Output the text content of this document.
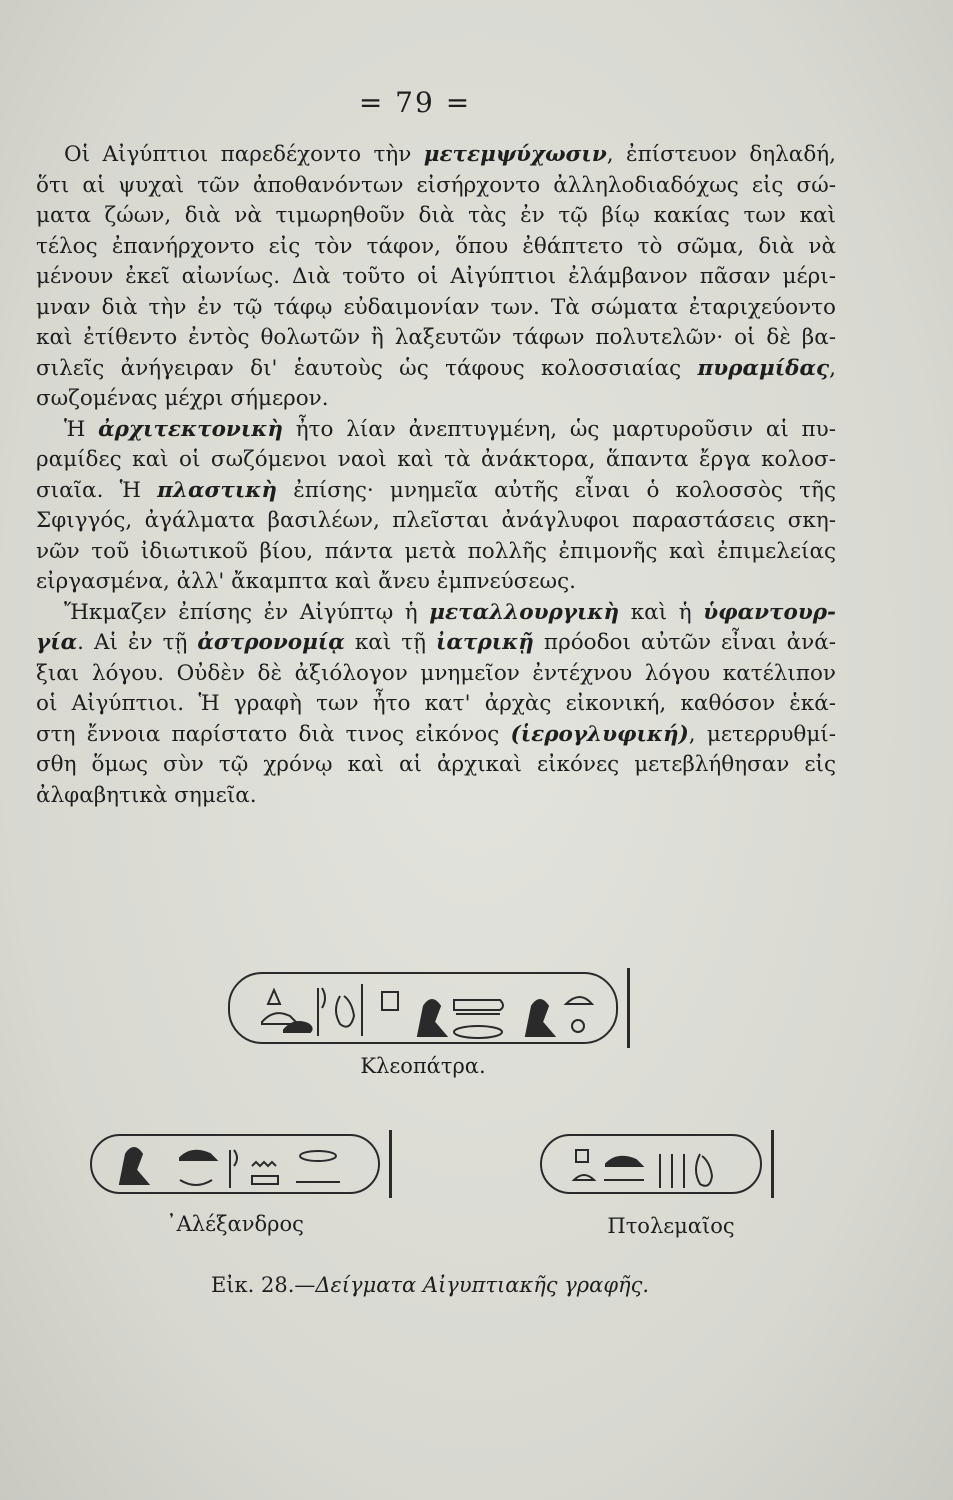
= 79 =
Οἱ Αἰγύπτιοι παρεδέχοντο τὴν μετεμψύχωσιν, ἐπίστευον δηλαδή,
ὅτι αἱ ψυχαὶ τῶν ἀποθανόντων εἰσήρχοντο ἀλληλοδιαδόχως εἰς σώ-
ματα ζώων, διὰ νὰ τιμωρηθοῦν διὰ τὰς ἐν τῷ βίῳ κακίας των καὶ
τέλος ἐπανήρχοντο εἰς τὸν τάφον, ὅπου ἐθάπτετο τὸ σῶμα, διὰ νὰ
μένουν ἐκεῖ αἰωνίως. Διὰ τοῦτο οἱ Αἰγύπτιοι ἐλάμβανον πᾶσαν μέρι-
μναν διὰ τὴν ἐν τῷ τάφῳ εὐδαιμονίαν των. Τὰ σώματα ἐταριχεύοντο
καὶ ἐτίθεντο ἐντὸς θολωτῶν ἢ λαξευτῶν τάφων πολυτελῶν· οἱ δὲ βα-
σιλεῖς ἀνήγειραν δι' ἑαυτοὺς ὡς τάφους κολοσσιαίας πυραμίδας,
σωζομένας μέχρι σήμερον.
Ἡ ἀρχιτεκτονικὴ ἦτο λίαν ἀνεπτυγμένη, ὡς μαρτυροῦσιν αἱ πυ-
ραμίδες καὶ οἱ σωζόμενοι ναοὶ καὶ τὰ ἀνάκτορα, ἅπαντα ἔργα κολοσ-
σιαῖα. Ἡ πλαστικὴ ἐπίσης· μνημεῖα αὐτῆς εἶναι ὁ κολοσσὸς τῆς
Σφιγγός, ἀγάλματα βασιλέων, πλεῖσται ἀνάγλυφοι παραστάσεις σκη-
νῶν τοῦ ἰδιωτικοῦ βίου, πάντα μετὰ πολλῆς ἐπιμονῆς καὶ ἐπιμελείας
εἰργασμένα, ἀλλ' ἄκαμπτα καὶ ἄνευ ἐμπνεύσεως.
Ἤκμαζεν ἐπίσης ἐν Αἰγύπτῳ ἡ μεταλλουργικὴ καὶ ἡ ὑφαντουρ-
γία. Αἱ ἐν τῇ ἀστρονομίᾳ καὶ τῇ ἰατρικῇ πρόοδοι αὐτῶν εἶναι ἀνά-
ξιαι λόγου. Οὐδὲν δὲ ἀξιόλογον μνημεῖον ἐντέχνου λόγου κατέλιπον
οἱ Αἰγύπτιοι. Ἡ γραφὴ των ἦτο κατ' ἀρχὰς εἰκονική, καθόσον ἑκά-
στη ἔννοια παρίστατο διὰ τινος εἰκόνος (ἱερογλυφική), μετερρυθμί-
σθη ὅμως σὺν τῷ χρόνῳ καὶ αἱ ἀρχικαὶ εἰκόνες μετεβλήθησαν εἰς
ἀλφαβητικὰ σημεῖα.
Κλεοπάτρα.
᾿Αλέξανδρος	Πτολεμαῖος
Εἰκ. 28.—Δείγματα Αἰγυπτιακῆς γραφῆς.
